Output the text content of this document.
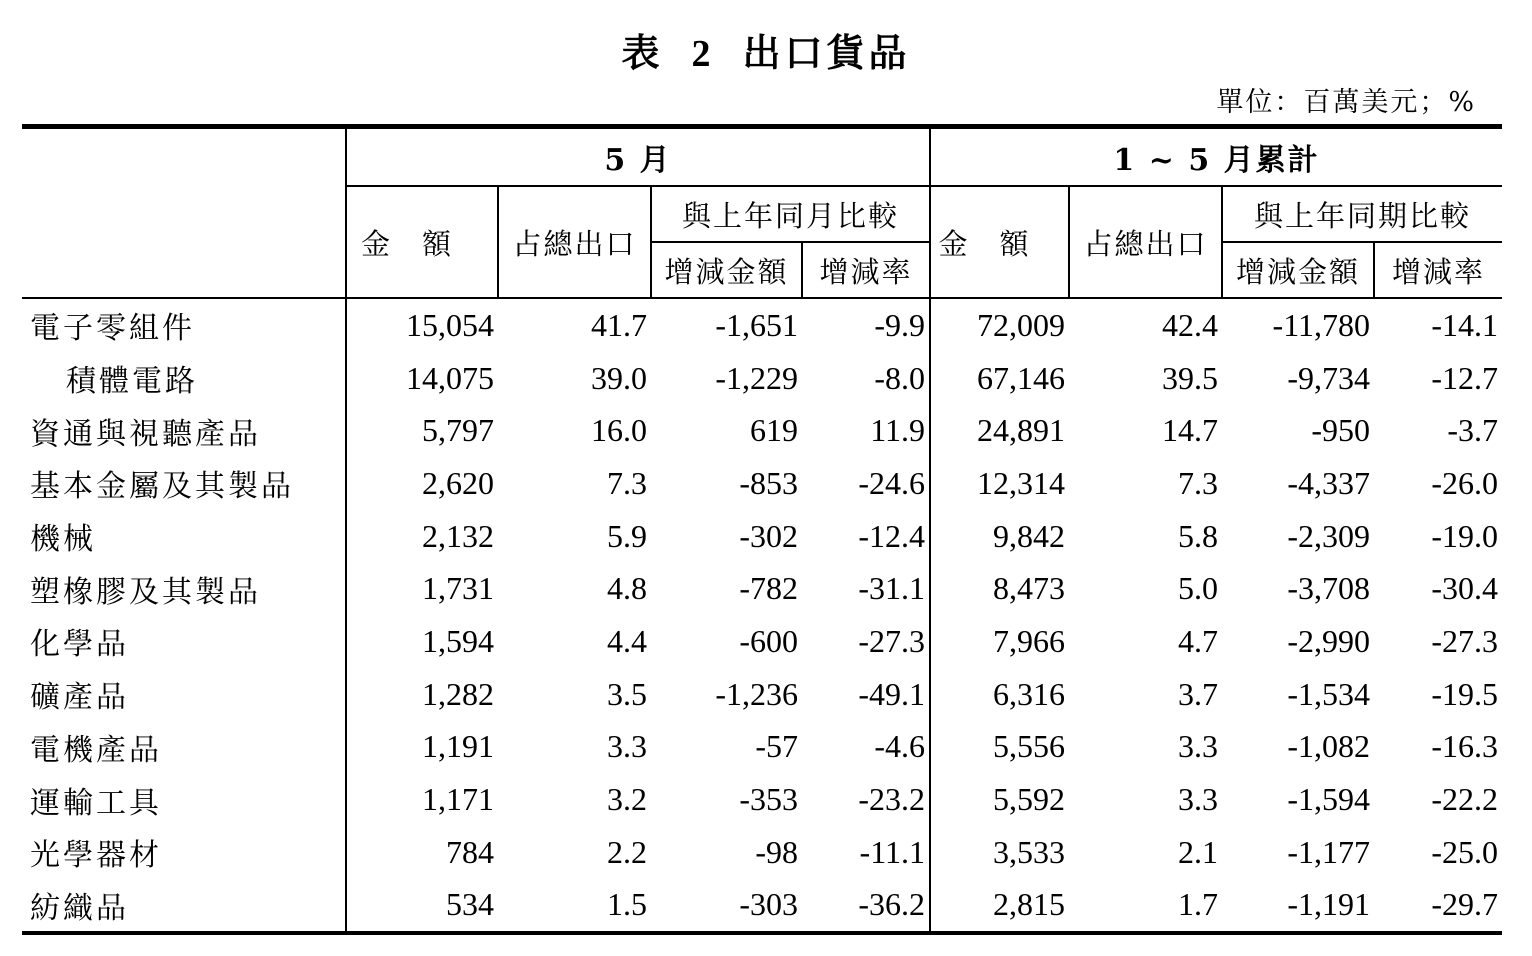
表 2 出口貨品
單位：百萬美元；%
	5 月				1 ~ 5 月累計			
	金額	占總出口	與上年同月比較		金額	占總出口	與上年同期比較	
			增減金額	增減率			增減金額	增減率
電子零組件	15,054	41.7	-1,651	-9.9	72,009	42.4	-11,780	-14.1
積體電路	14,075	39.0	-1,229	-8.0	67,146	39.5	-9,734	-12.7
資通與視聽產品	5,797	16.0	619	11.9	24,891	14.7	-950	-3.7
基本金屬及其製品	2,620	7.3	-853	-24.6	12,314	7.3	-4,337	-26.0
機械	2,132	5.9	-302	-12.4	9,842	5.8	-2,309	-19.0
塑橡膠及其製品	1,731	4.8	-782	-31.1	8,473	5.0	-3,708	-30.4
化學品	1,594	4.4	-600	-27.3	7,966	4.7	-2,990	-27.3
礦產品	1,282	3.5	-1,236	-49.1	6,316	3.7	-1,534	-19.5
電機產品	1,191	3.3	-57	-4.6	5,556	3.3	-1,082	-16.3
運輸工具	1,171	3.2	-353	-23.2	5,592	3.3	-1,594	-22.2
光學器材	784	2.2	-98	-11.1	3,533	2.1	-1,177	-25.0
紡織品	534	1.5	-303	-36.2	2,815	1.7	-1,191	-29.7
